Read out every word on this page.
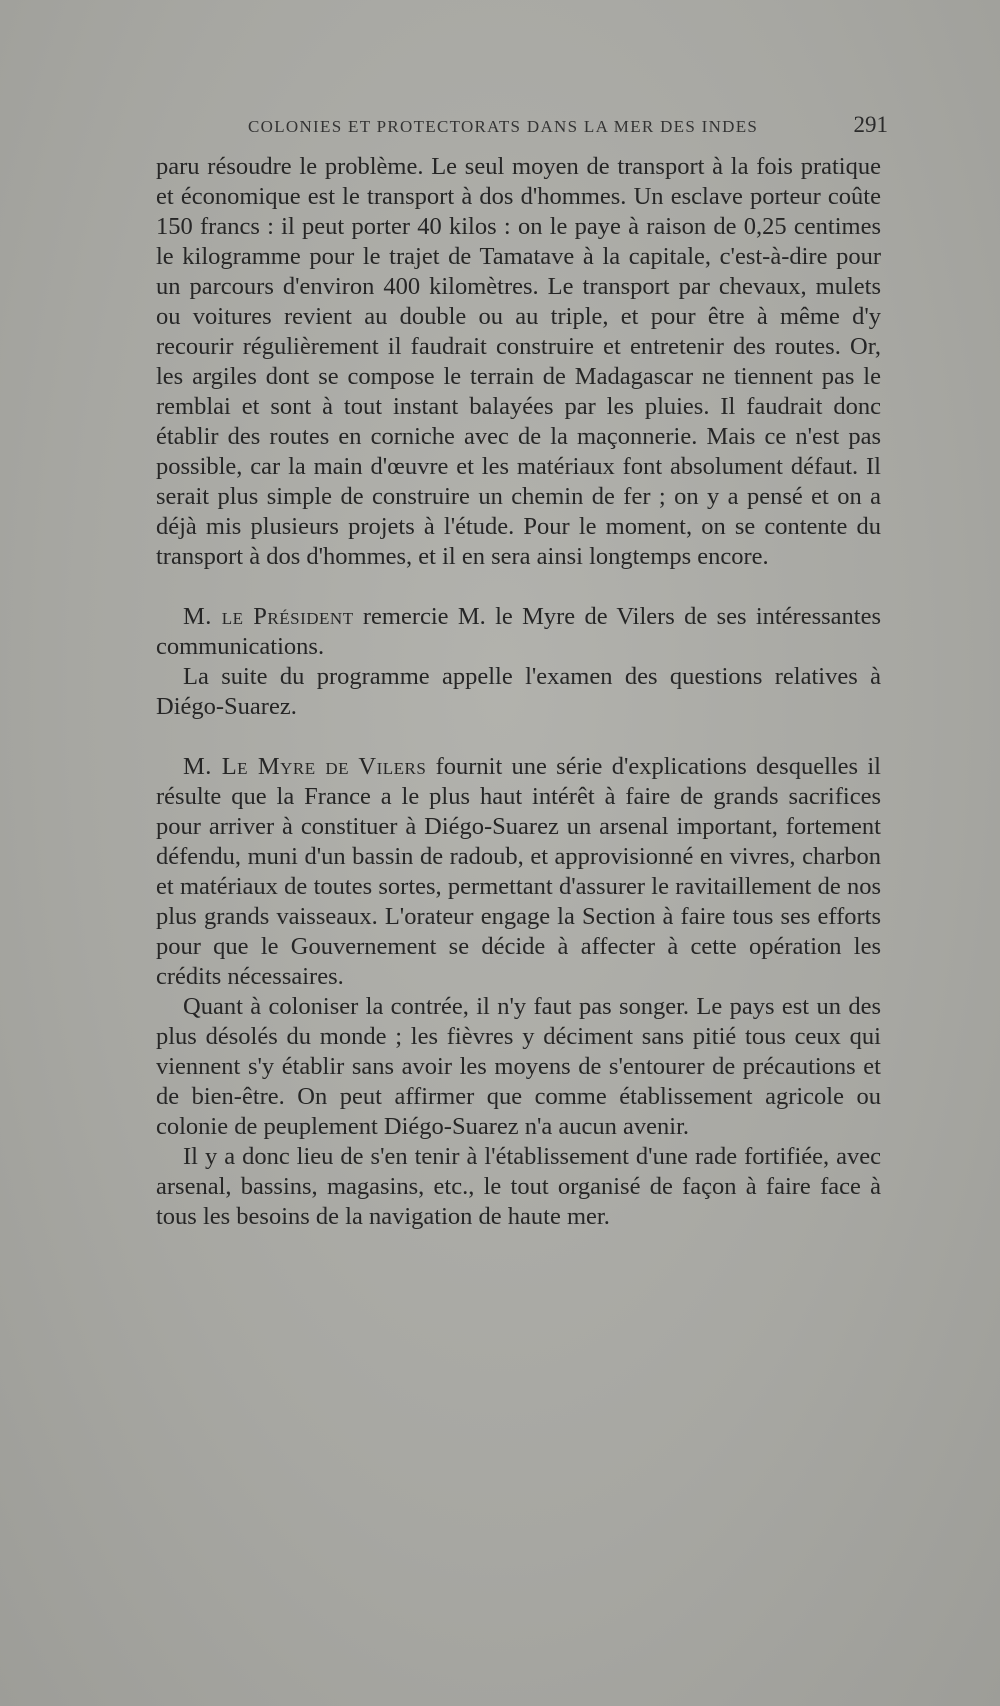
COLONIES ET PROTECTORATS DANS LA MER DES INDES	291

paru résoudre le problème. Le seul moyen de transport à la fois pratique et économique est le transport à dos d'hommes. Un esclave porteur coûte 150 francs : il peut porter 40 kilos : on le paye à raison de 0,25 centimes le kilogramme pour le trajet de Tamatave à la capitale, c'est-à-dire pour un parcours d'environ 400 kilomètres. Le transport par chevaux, mulets ou voitures revient au double ou au triple, et pour être à même d'y recourir régulièrement il faudrait construire et entretenir des routes. Or, les argiles dont se compose le terrain de Madagascar ne tiennent pas le remblai et sont à tout instant balayées par les pluies. Il faudrait donc établir des routes en corniche avec de la maçonnerie. Mais ce n'est pas possible, car la main d'œuvre et les matériaux font absolument défaut. Il serait plus simple de construire un chemin de fer ; on y a pensé et on a déjà mis plusieurs projets à l'étude. Pour le moment, on se contente du transport à dos d'hommes, et il en sera ainsi longtemps encore.

M. le Président remercie M. le Myre de Vilers de ses intéressantes communications.

La suite du programme appelle l'examen des questions relatives à Diégo-Suarez.

M. Le Myre de Vilers fournit une série d'explications desquelles il résulte que la France a le plus haut intérêt à faire de grands sacrifices pour arriver à constituer à Diégo-Suarez un arsenal important, fortement défendu, muni d'un bassin de radoub, et approvisionné en vivres, charbon et matériaux de toutes sortes, permettant d'assurer le ravitaillement de nos plus grands vaisseaux. L'orateur engage la Section à faire tous ses efforts pour que le Gouvernement se décide à affecter à cette opération les crédits nécessaires.

Quant à coloniser la contrée, il n'y faut pas songer. Le pays est un des plus désolés du monde ; les fièvres y déciment sans pitié tous ceux qui viennent s'y établir sans avoir les moyens de s'entourer de précautions et de bien-être. On peut affirmer que comme établissement agricole ou colonie de peuplement Diégo-Suarez n'a aucun avenir.

Il y a donc lieu de s'en tenir à l'établissement d'une rade fortifiée, avec arsenal, bassins, magasins, etc., le tout organisé de façon à faire face à tous les besoins de la navigation de haute mer.
